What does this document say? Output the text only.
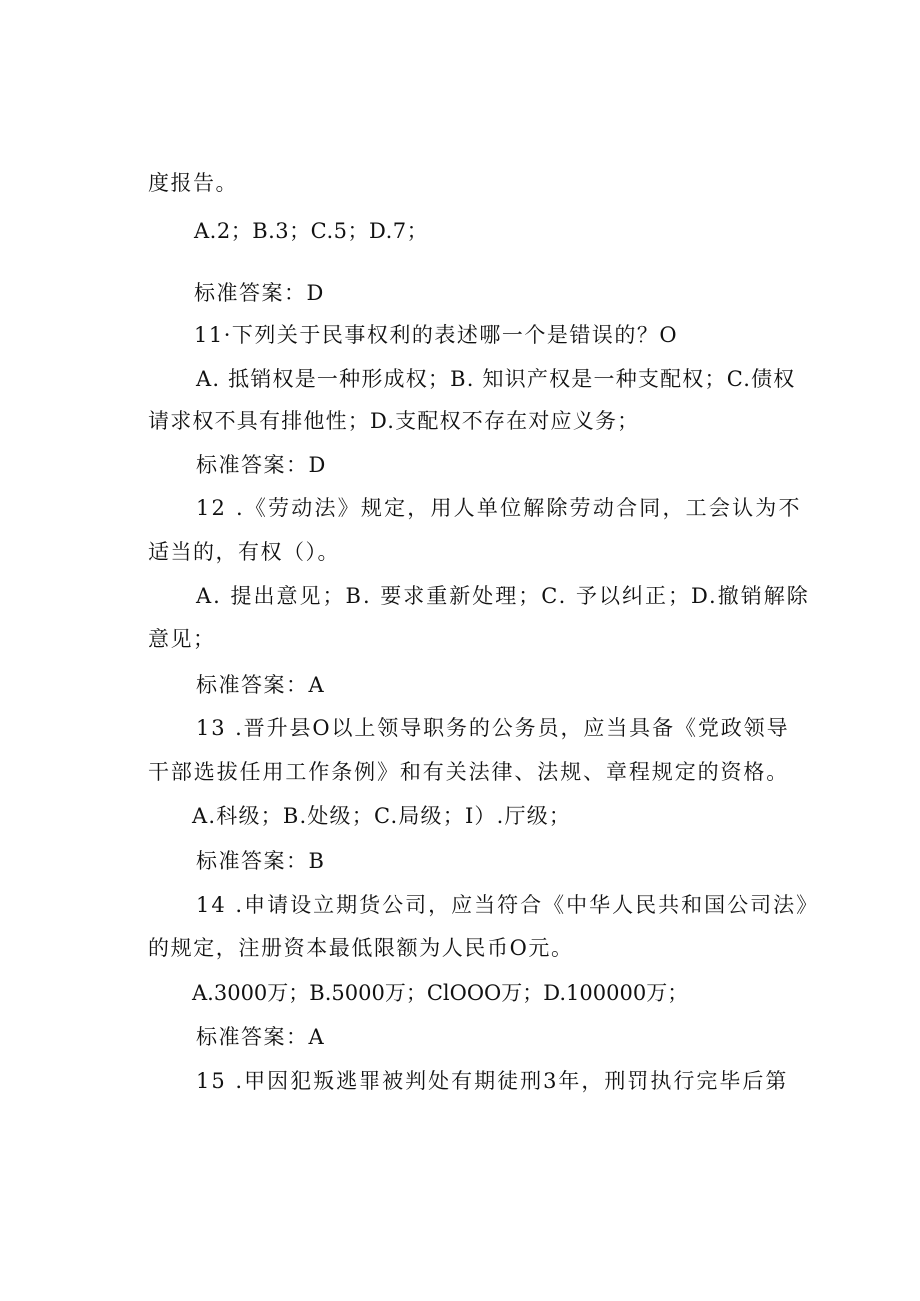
度报告。
A.2；B.3；C.5；D.7；
标准答案：D
11·下列关于民事权利的表述哪一个是错误的？O
A. 抵销权是一种形成权；B. 知识产权是一种支配权；C.债权
请求权不具有排他性；D.支配权不存在对应义务；
标准答案：D
12 .《劳动法》规定，用人单位解除劳动合同，工会认为不
适当的，有权（）。
A. 提出意见；B. 要求重新处理；C. 予以纠正；D.撤销解除
意见；
标准答案：A
13 .晋升县O以上领导职务的公务员，应当具备《党政领导
干部选拔任用工作条例》和有关法律、法规、章程规定的资格。
A.科级；B.处级；C.局级；I）.厅级；
标准答案：B
14 .申请设立期货公司，应当符合《中华人民共和国公司法》
的规定，注册资本最低限额为人民币O元。
A.3000万；B.5000万；ClOOO万；D.100000万；
标准答案：A
15 .甲因犯叛逃罪被判处有期徒刑3年，刑罚执行完毕后第
